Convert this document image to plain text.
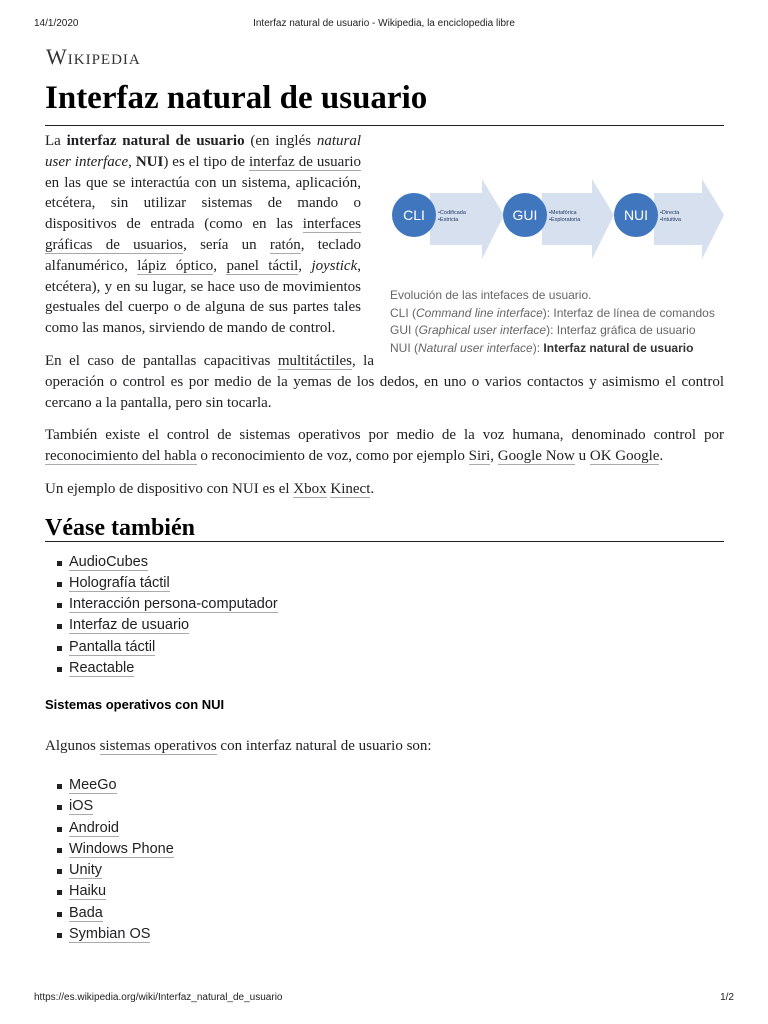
14/1/2020	Interfaz natural de usuario - Wikipedia, la enciclopedia libre
Wikipedia
Interfaz natural de usuario
CLI	GUI	NUI
•Codificada
•Estricta
•Metafórica
•Exploratoria
•Directa
•Intuitiva
Evolución de las intefaces de usuario.
CLI (Command line interface): Interfaz de línea de comandos
GUI (Graphical user interface): Interfaz gráfica de usuario
NUI (Natural user interface): Interfaz natural de usuario

La interfaz natural de usuario (en inglés natural user interface, NUI) es el tipo de interfaz de usuario en las que se interactúa con un sistema, aplicación, etcétera, sin utilizar sistemas de mando o dispositivos de entrada (como en las interfaces gráficas de usuarios, sería un ratón, teclado alfanumérico, lápiz óptico, panel táctil, joystick, etcétera), y en su lugar, se hace uso de movimientos gestuales del cuerpo o de alguna de sus partes tales como las manos, sirviendo de mando de control.

En el caso de pantallas capacitivas multitáctiles, la operación o control es por medio de la yemas de los dedos, en uno o varios contactos y asimismo el control cercano a la pantalla, pero sin tocarla.

También existe el control de sistemas operativos por medio de la voz humana, denominado control por reconocimiento del habla o reconocimiento de voz, como por ejemplo Siri, Google Now u OK Google.

Un ejemplo de dispositivo con NUI es el Xbox Kinect.

Véase también
AudioCubes
Holografía táctil
Interacción persona-computador
Interfaz de usuario
Pantalla táctil
Reactable
Sistemas operativos con NUI

Algunos sistemas operativos con interfaz natural de usuario son:

MeeGo
iOS
Android
Windows Phone
Unity
Haiku
Bada
Symbian OS
https://es.wikipedia.org/wiki/Interfaz_natural_de_usuario	1/2
